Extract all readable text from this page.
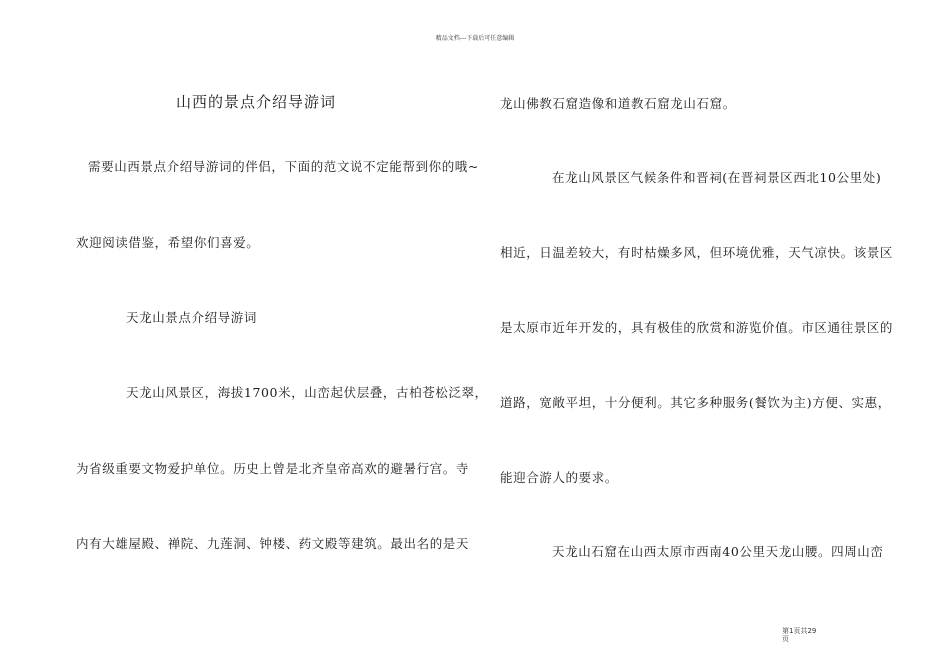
精品文档---下载后可任意编辑
山西的景点介绍导游词
需要山西景点介绍导游词的伴侣，下面的范文说不定能帮到你的哦~
欢迎阅读借鉴，希望你们喜爱。
天龙山景点介绍导游词
天龙山风景区，海拔1700米，山峦起伏层叠，古柏苍松泛翠，
为省级重要文物爱护单位。历史上曾是北齐皇帝高欢的避暑行宫。寺
内有大雄屋殿、禅院、九莲洞、钟楼、药文殿等建筑。最出名的是天
龙山佛教石窟造像和道教石窟龙山石窟。
在龙山风景区气候条件和晋祠(在晋祠景区西北10公里处)
相近，日温差较大，有时枯燥多风，但环境优雅，天气凉快。该景区
是太原市近年开发的，具有极佳的欣赏和游览价值。市区通往景区的
道路，宽敞平坦，十分便利。其它多种服务(餐饮为主)方便、实惠，
能迎合游人的要求。
天龙山石窟在山西太原市西南40公里天龙山腰。四周山峦
第1页共29
页
